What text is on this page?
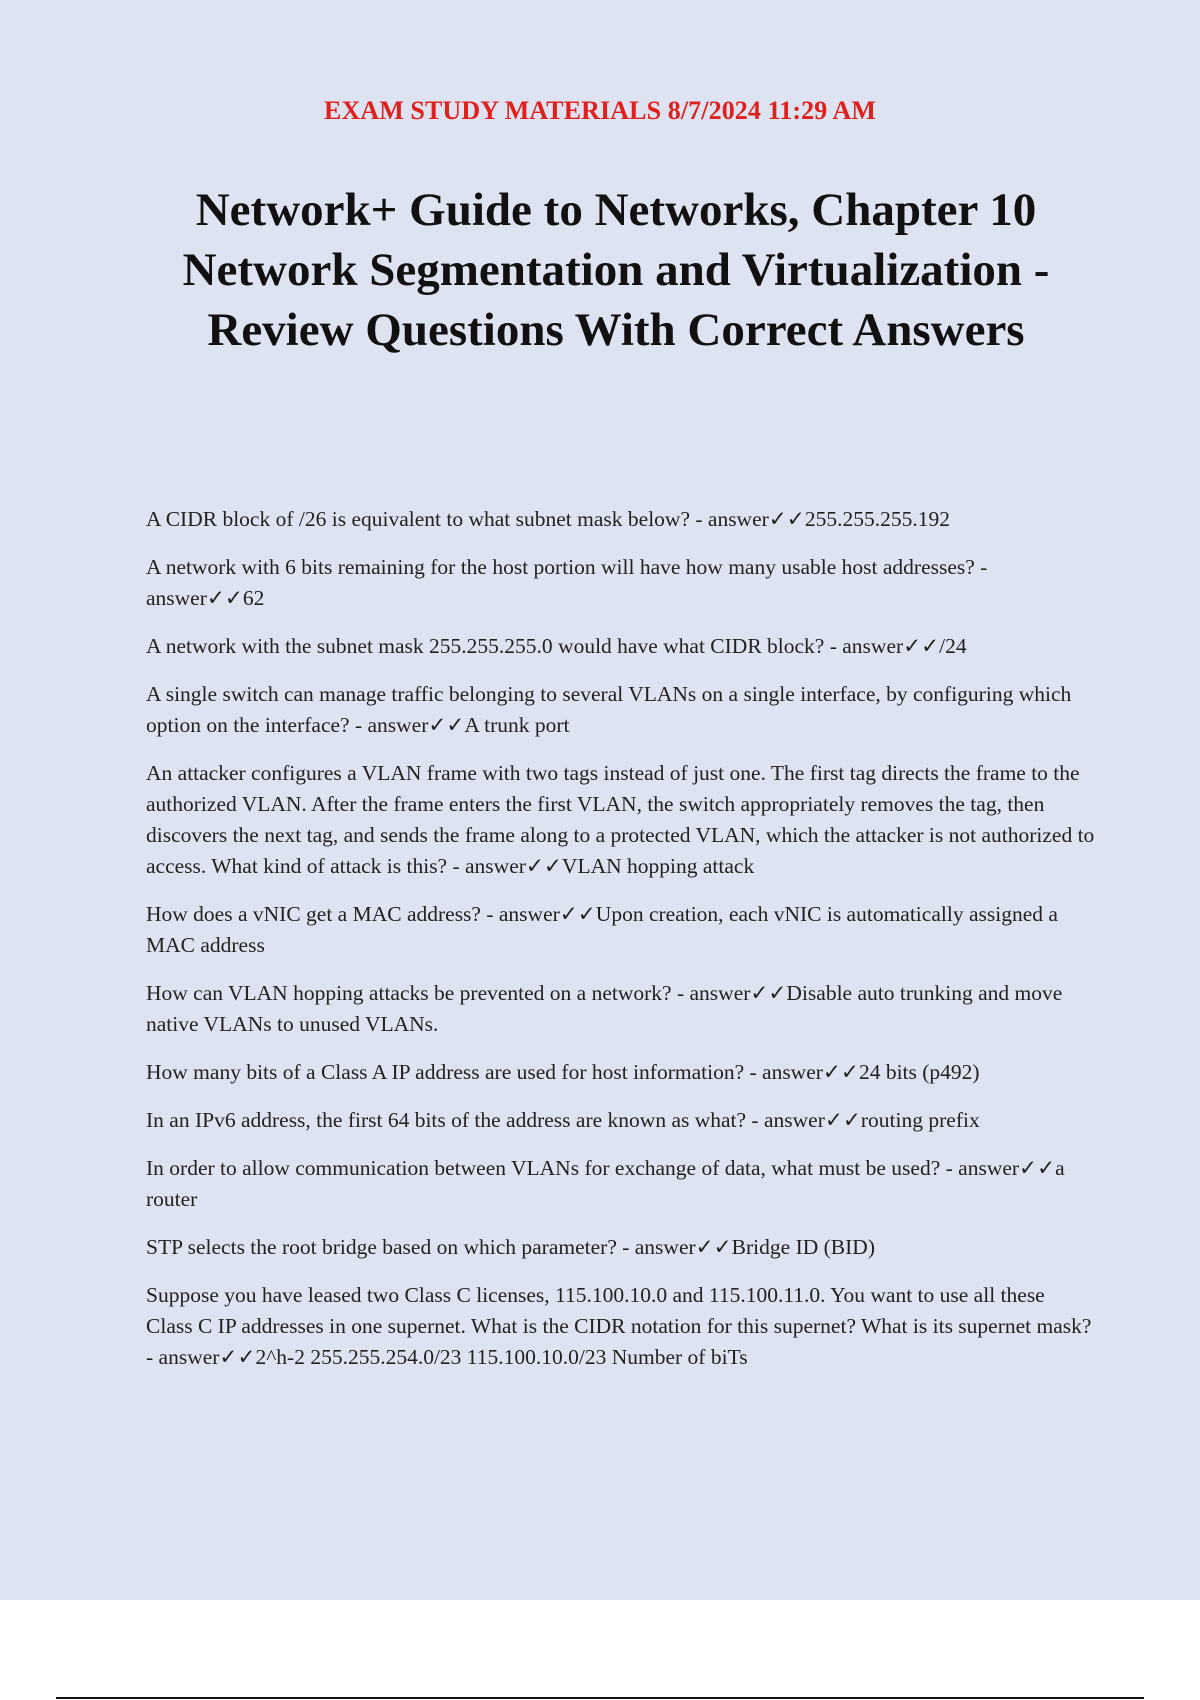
EXAM STUDY MATERIALS 8/7/2024 11:29 AM
Network+ Guide to Networks, Chapter 10
Network Segmentation and Virtualization -
Review Questions With Correct Answers

A CIDR block of /26 is equivalent to what subnet mask below? - answer✓✓255.255.255.192

A network with 6 bits remaining for the host portion will have how many usable host addresses? - answer✓✓62

A network with the subnet mask 255.255.255.0 would have what CIDR block? - answer✓✓/24

A single switch can manage traffic belonging to several VLANs on a single interface, by configuring which option on the interface? - answer✓✓A trunk port

An attacker configures a VLAN frame with two tags instead of just one. The first tag directs the frame to the authorized VLAN. After the frame enters the first VLAN, the switch appropriately removes the tag, then discovers the next tag, and sends the frame along to a protected VLAN, which the attacker is not authorized to access. What kind of attack is this? - answer✓✓VLAN hopping attack

How does a vNIC get a MAC address? - answer✓✓Upon creation, each vNIC is automatically assigned a MAC address

How can VLAN hopping attacks be prevented on a network? - answer✓✓Disable auto trunking and move native VLANs to unused VLANs.

How many bits of a Class A IP address are used for host information? - answer✓✓24 bits (p492)

In an IPv6 address, the first 64 bits of the address are known as what? - answer✓✓routing prefix

In order to allow communication between VLANs for exchange of data, what must be used? - answer✓✓a router

STP selects the root bridge based on which parameter? - answer✓✓Bridge ID (BID)

Suppose you have leased two Class C licenses, 115.100.10.0 and 115.100.11.0. You want to use all these Class C IP addresses in one supernet. What is the CIDR notation for this supernet? What is its supernet mask? - answer✓✓2^h-2 255.255.254.0/23 115.100.10.0/23 Number of biTs
